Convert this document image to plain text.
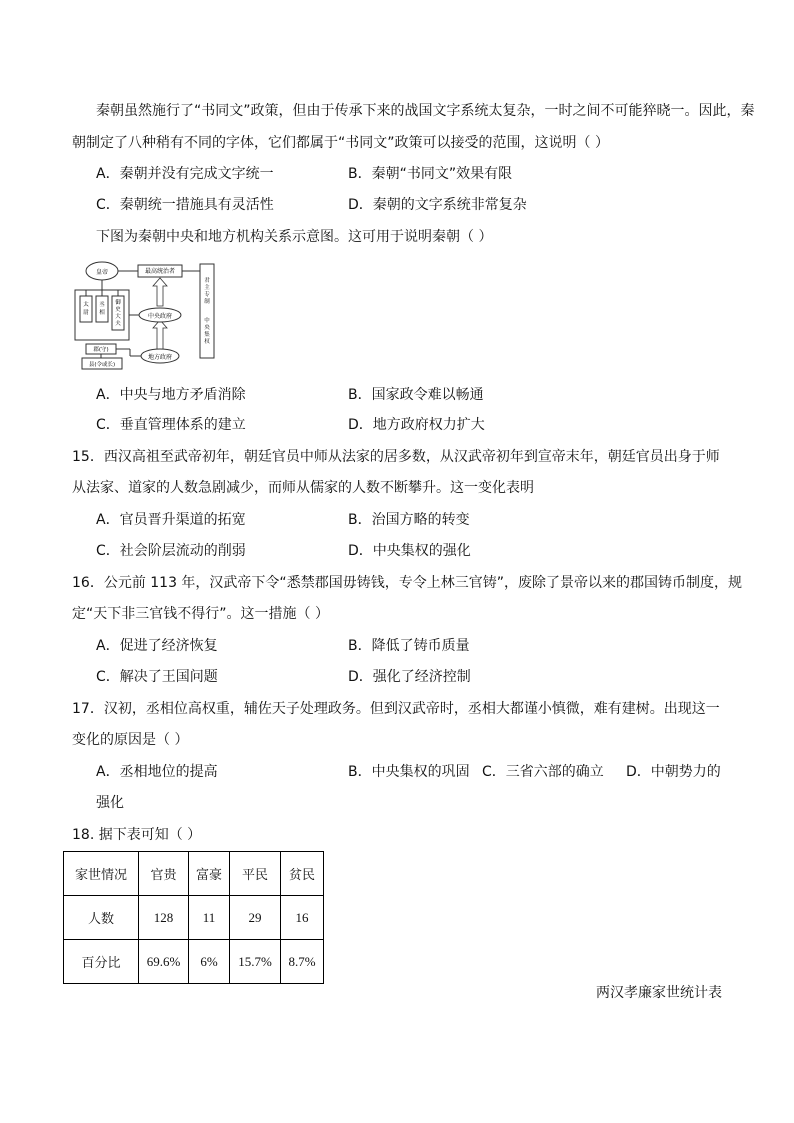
秦朝虽然施行了“书同文”政策，但由于传承下来的战国文字系统太复杂，一时之间不可能猝晓一。因此，秦
朝制定了八种稍有不同的字体，它们都属于“书同文”政策可以接受的范围，这说明（ ）
A．秦朝并没有完成文字统一	B．秦朝“书同文”效果有限
C．秦朝统一措施具有灵活性	D．秦朝的文字系统非常复杂
下图为秦朝中央和地方机构关系示意图。这可用于说明秦朝（ ）
皇帝	最高统治者
君
主
专
制
中
央
集
权
中央政府
地方政府
太
尉
丞
相
御
史
大
夫
郡(守)
县(令或长)
A．中央与地方矛盾消除	B．国家政令难以畅通
C．垂直管理体系的建立	D．地方政府权力扩大
15．西汉高祖至武帝初年，朝廷官员中师从法家的居多数，从汉武帝初年到宣帝末年，朝廷官员出身于师
从法家、道家的人数急剧减少，而师从儒家的人数不断攀升。这一变化表明
A．官员晋升渠道的拓宽	B．治国方略的转变
C．社会阶层流动的削弱	D．中央集权的强化
16．公元前 113 年，汉武帝下令“悉禁郡国毋铸钱，专令上林三官铸”，废除了景帝以来的郡国铸币制度，规
定“天下非三官钱不得行”。这一措施（ ）
A．促进了经济恢复	B．降低了铸币质量
C．解决了王国问题	D．强化了经济控制
17．汉初，丞相位高权重，辅佐天子处理政务。但到汉武帝时，丞相大都谨小慎微，难有建树。出现这一
变化的原因是（ ）
A．丞相地位的提高	B．中央集权的巩固 C．三省六部的确立 D．中朝势力的
强化
18. 据下表可知（ ）
家世情况	官贵	富豪	平民	贫民
人数	128	11	29	16
百分比	69.6%	6%	15.7%	8.7%
两汉孝廉家世统计表
